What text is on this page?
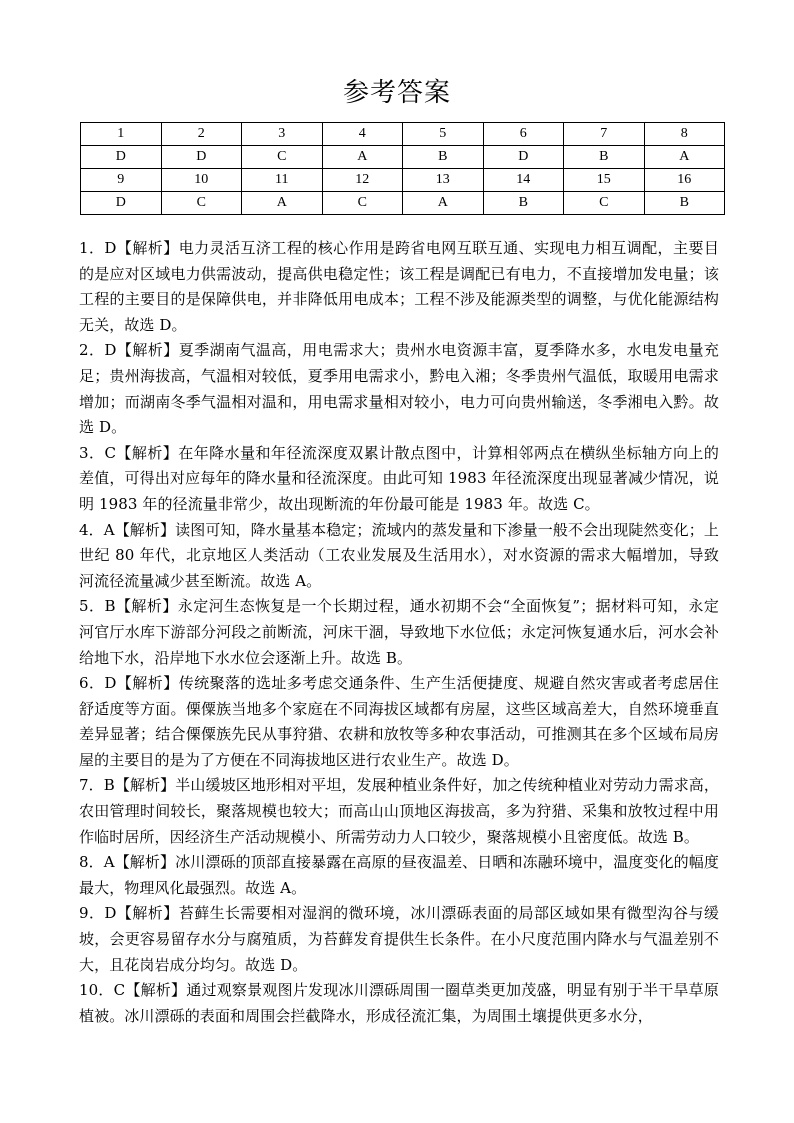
参考答案
1	2	3	4	5	6	7	8
D	D	C	A	B	D	B	A
9	10	11	12	13	14	15	16
D	C	A	C	A	B	C	B

1．D【解析】电力灵活互济工程的核心作用是跨省电网互联互通、实现电力相互调配，主要目的是应对区域电力供需波动，提高供电稳定性；该工程是调配已有电力，不直接增加发电量；该工程的主要目的是保障供电，并非降低用电成本；工程不涉及能源类型的调整，与优化能源结构无关，故选 D。

2．D【解析】夏季湖南气温高，用电需求大；贵州水电资源丰富，夏季降水多，水电发电量充足；贵州海拔高，气温相对较低，夏季用电需求小，黔电入湘；冬季贵州气温低，取暖用电需求增加；而湖南冬季气温相对温和，用电需求量相对较小，电力可向贵州输送，冬季湘电入黔。故选 D。

3．C【解析】在年降水量和年径流深度双累计散点图中，计算相邻两点在横纵坐标轴方向上的差值，可得出对应每年的降水量和径流深度。由此可知 1983 年径流深度出现显著减少情况，说明 1983 年的径流量非常少，故出现断流的年份最可能是 1983 年。故选 C。

4．A【解析】读图可知，降水量基本稳定；流域内的蒸发量和下渗量一般不会出现陡然变化；上世纪 80 年代，北京地区人类活动（工农业发展及生活用水），对水资源的需求大幅增加，导致河流径流量减少甚至断流。故选 A。

5．B【解析】永定河生态恢复是一个长期过程，通水初期不会“全面恢复”；据材料可知，永定河官厅水库下游部分河段之前断流，河床干涸，导致地下水位低；永定河恢复通水后，河水会补给地下水，沿岸地下水水位会逐渐上升。故选 B。

6．D【解析】传统聚落的选址多考虑交通条件、生产生活便捷度、规避自然灾害或者考虑居住舒适度等方面。傈僳族当地多个家庭在不同海拔区域都有房屋，这些区域高差大，自然环境垂直差异显著；结合傈僳族先民从事狩猎、农耕和放牧等多种农事活动，可推测其在多个区域布局房屋的主要目的是为了方便在不同海拔地区进行农业生产。故选 D。

7．B【解析】半山缓坡区地形相对平坦，发展种植业条件好，加之传统种植业对劳动力需求高，农田管理时间较长，聚落规模也较大；而高山山顶地区海拔高，多为狩猎、采集和放牧过程中用作临时居所，因经济生产活动规模小、所需劳动力人口较少，聚落规模小且密度低。故选 B。

8．A【解析】冰川漂砾的顶部直接暴露在高原的昼夜温差、日晒和冻融环境中，温度变化的幅度最大，物理风化最强烈。故选 A。

9．D【解析】苔藓生长需要相对湿润的微环境，冰川漂砾表面的局部区域如果有微型沟谷与缓坡，会更容易留存水分与腐殖质，为苔藓发育提供生长条件。在小尺度范围内降水与气温差别不大，且花岗岩成分均匀。故选 D。

10．C【解析】通过观察景观图片发现冰川漂砾周围一圈草类更加茂盛，明显有别于半干旱草原植被。冰川漂砾的表面和周围会拦截降水，形成径流汇集，为周围土壤提供更多水分，
